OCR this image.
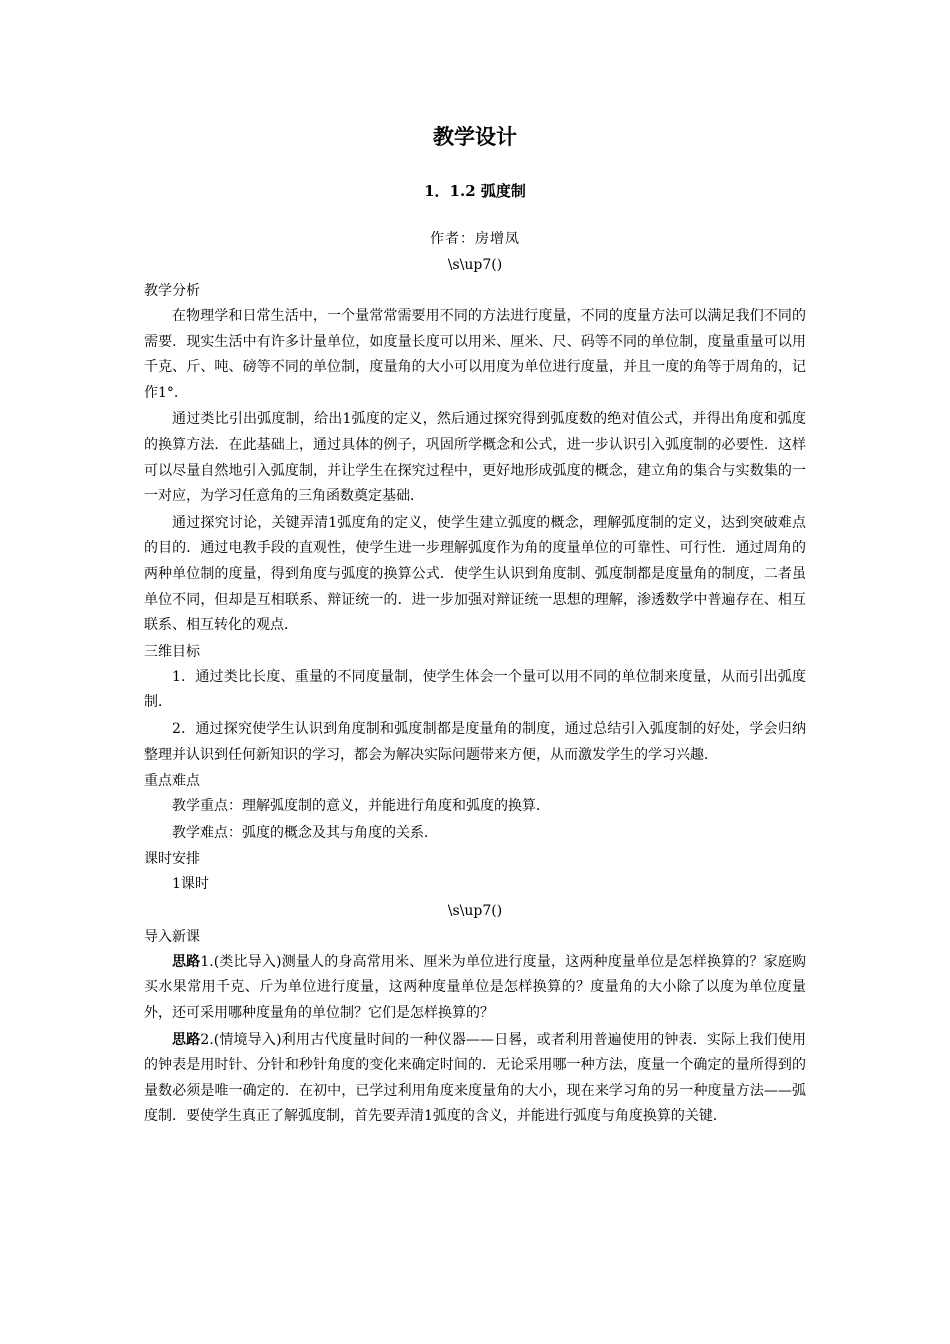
教学设计
1．1.2 弧度制
作者：房增凤
\s\up7()
教学分析

在物理学和日常生活中，一个量常常需要用不同的方法进行度量，不同的度量方法可以满足我们不同的需要．现实生活中有许多计量单位，如度量长度可以用米、厘米、尺、码等不同的单位制，度量重量可以用千克、斤、吨、磅等不同的单位制，度量角的大小可以用度为单位进行度量，并且一度的角等于周角的，记作1°.

通过类比引出弧度制，给出1弧度的定义，然后通过探究得到弧度数的绝对值公式，并得出角度和弧度的换算方法．在此基础上，通过具体的例子，巩固所学概念和公式，进一步认识引入弧度制的必要性．这样可以尽量自然地引入弧度制，并让学生在探究过程中，更好地形成弧度的概念，建立角的集合与实数集的一一对应，为学习任意角的三角函数奠定基础．

通过探究讨论，关键弄清1弧度角的定义，使学生建立弧度的概念，理解弧度制的定义，达到突破难点的目的．通过电教手段的直观性，使学生进一步理解弧度作为角的度量单位的可靠性、可行性．通过周角的两种单位制的度量，得到角度与弧度的换算公式．使学生认识到角度制、弧度制都是度量角的制度，二者虽单位不同，但却是互相联系、辩证统一的．进一步加强对辩证统一思想的理解，渗透数学中普遍存在、相互联系、相互转化的观点．

三维目标

1．通过类比长度、重量的不同度量制，使学生体会一个量可以用不同的单位制来度量，从而引出弧度制．

2．通过探究使学生认识到角度制和弧度制都是度量角的制度，通过总结引入弧度制的好处，学会归纳整理并认识到任何新知识的学习，都会为解决实际问题带来方便，从而激发学生的学习兴趣．

重点难点

教学重点：理解弧度制的意义，并能进行角度和弧度的换算．

教学难点：弧度的概念及其与角度的关系．

课时安排

1课时

\s\up7()
导入新课

思路1.(类比导入)测量人的身高常用米、厘米为单位进行度量，这两种度量单位是怎样换算的？家庭购买水果常用千克、斤为单位进行度量，这两种度量单位是怎样换算的？度量角的大小除了以度为单位度量外，还可采用哪种度量角的单位制？它们是怎样换算的？

思路2.(情境导入)利用古代度量时间的一种仪器——日晷，或者利用普遍使用的钟表．实际上我们使用的钟表是用时针、分针和秒针角度的变化来确定时间的．无论采用哪一种方法，度量一个确定的量所得到的量数必须是唯一确定的．在初中，已学过利用角度来度量角的大小，现在来学习角的另一种度量方法——弧度制．要使学生真正了解弧度制，首先要弄清1弧度的含义，并能进行弧度与角度换算的关键．
